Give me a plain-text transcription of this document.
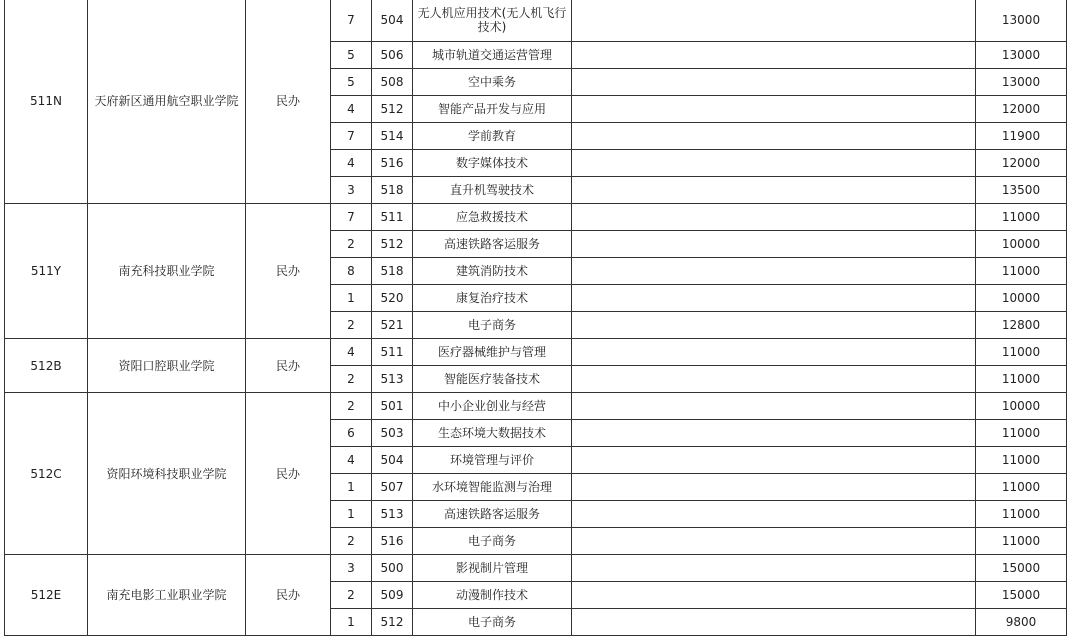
511N	天府新区通用航空职业学院	民办	7	504	无人机应用技术(无人机飞行技术)		13000
			5	506	城市轨道交通运营管理		13000
			5	508	空中乘务		13000
			4	512	智能产品开发与应用		12000
			7	514	学前教育		11900
			4	516	数字媒体技术		12000
			3	518	直升机驾驶技术		13500
511Y	南充科技职业学院	民办	7	511	应急救援技术		11000
			2	512	高速铁路客运服务		10000
			8	518	建筑消防技术		11000
			1	520	康复治疗技术		10000
			2	521	电子商务		12800
512B	资阳口腔职业学院	民办	4	511	医疗器械维护与管理		11000
			2	513	智能医疗装备技术		11000
512C	资阳环境科技职业学院	民办	2	501	中小企业创业与经营		10000
			6	503	生态环境大数据技术		11000
			4	504	环境管理与评价		11000
			1	507	水环境智能监测与治理		11000
			1	513	高速铁路客运服务		11000
			2	516	电子商务		11000
512E	南充电影工业职业学院	民办	3	500	影视制片管理		15000
			2	509	动漫制作技术		15000
			1	512	电子商务		9800
